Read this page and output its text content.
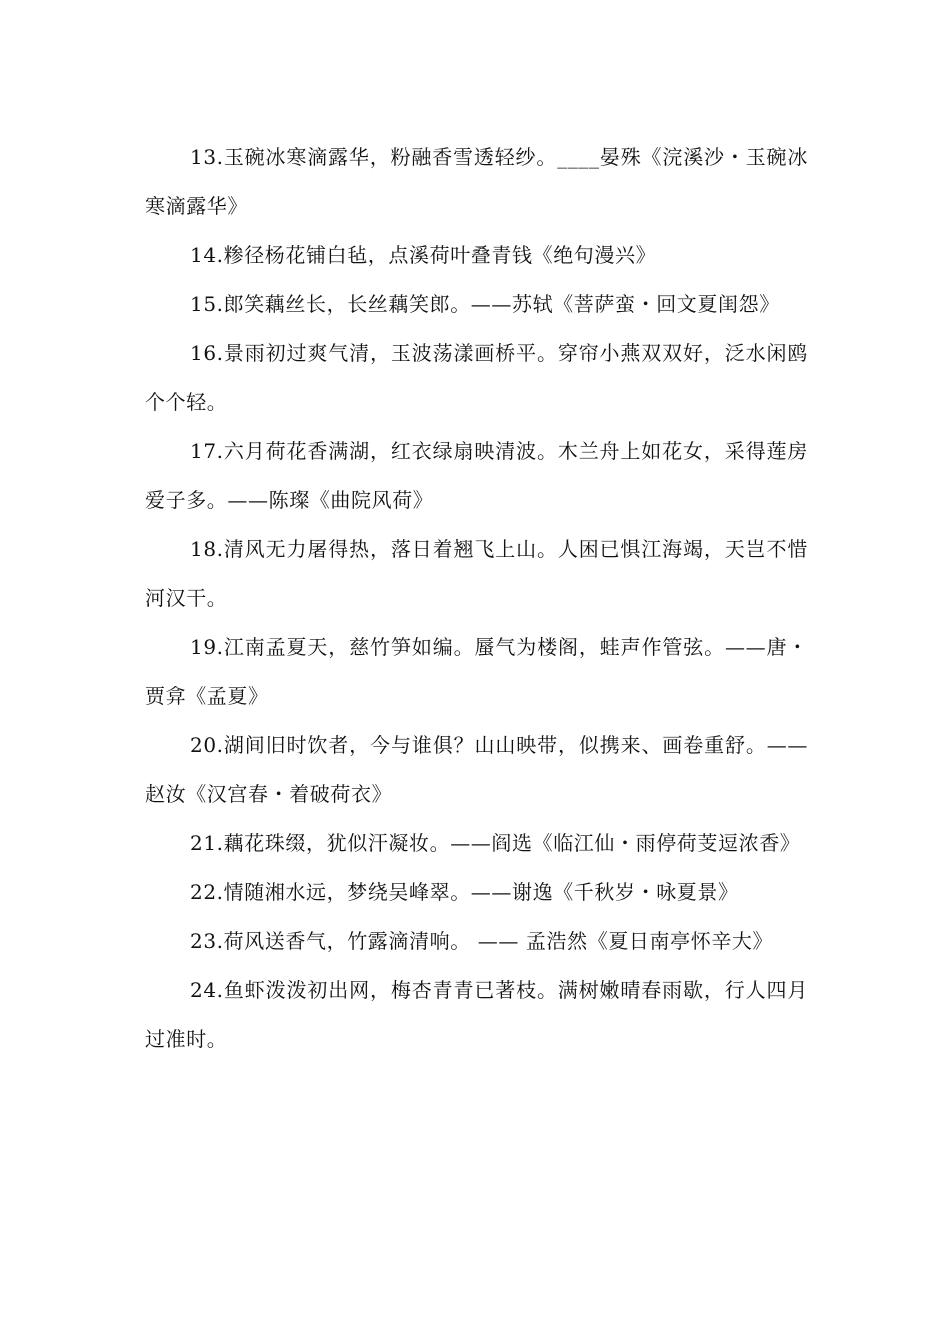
13.玉碗冰寒滴露华，粉融香雪透轻纱。____晏殊《浣溪沙・玉碗冰寒滴露华》

14.糁径杨花铺白毡，点溪荷叶叠青钱《绝句漫兴》

15.郎笑藕丝长，长丝藕笑郎。——苏轼《菩萨蛮・回文夏闺怨》

16.景雨初过爽气清，玉波荡漾画桥平。穿帘小燕双双好，泛水闲鸥个个轻。

17.六月荷花香满湖，红衣绿扇映清波。木兰舟上如花女，采得莲房爱子多。——陈璨《曲院风荷》

18.清风无力屠得热，落日着翘飞上山。人困已惧江海竭，天岂不惜河汉干。

19.江南孟夏天，慈竹笋如编。蜃气为楼阁，蛙声作管弦。——唐・贾弇《孟夏》

20.湖间旧时饮者，今与谁俱？山山映带，似携来、画卷重舒。——赵汝《汉宫春・着破荷衣》

21.藕花珠缀，犹似汗凝妆。——阎选《临江仙・雨停荷芰逗浓香》

22.情随湘水远，梦绕吴峰翠。——谢逸《千秋岁・咏夏景》

23.荷风送香气，竹露滴清响。 —— 孟浩然《夏日南亭怀辛大》

24.鱼虾泼泼初出网，梅杏青青已著枝。满树嫩晴春雨歇，行人四月过准时。
